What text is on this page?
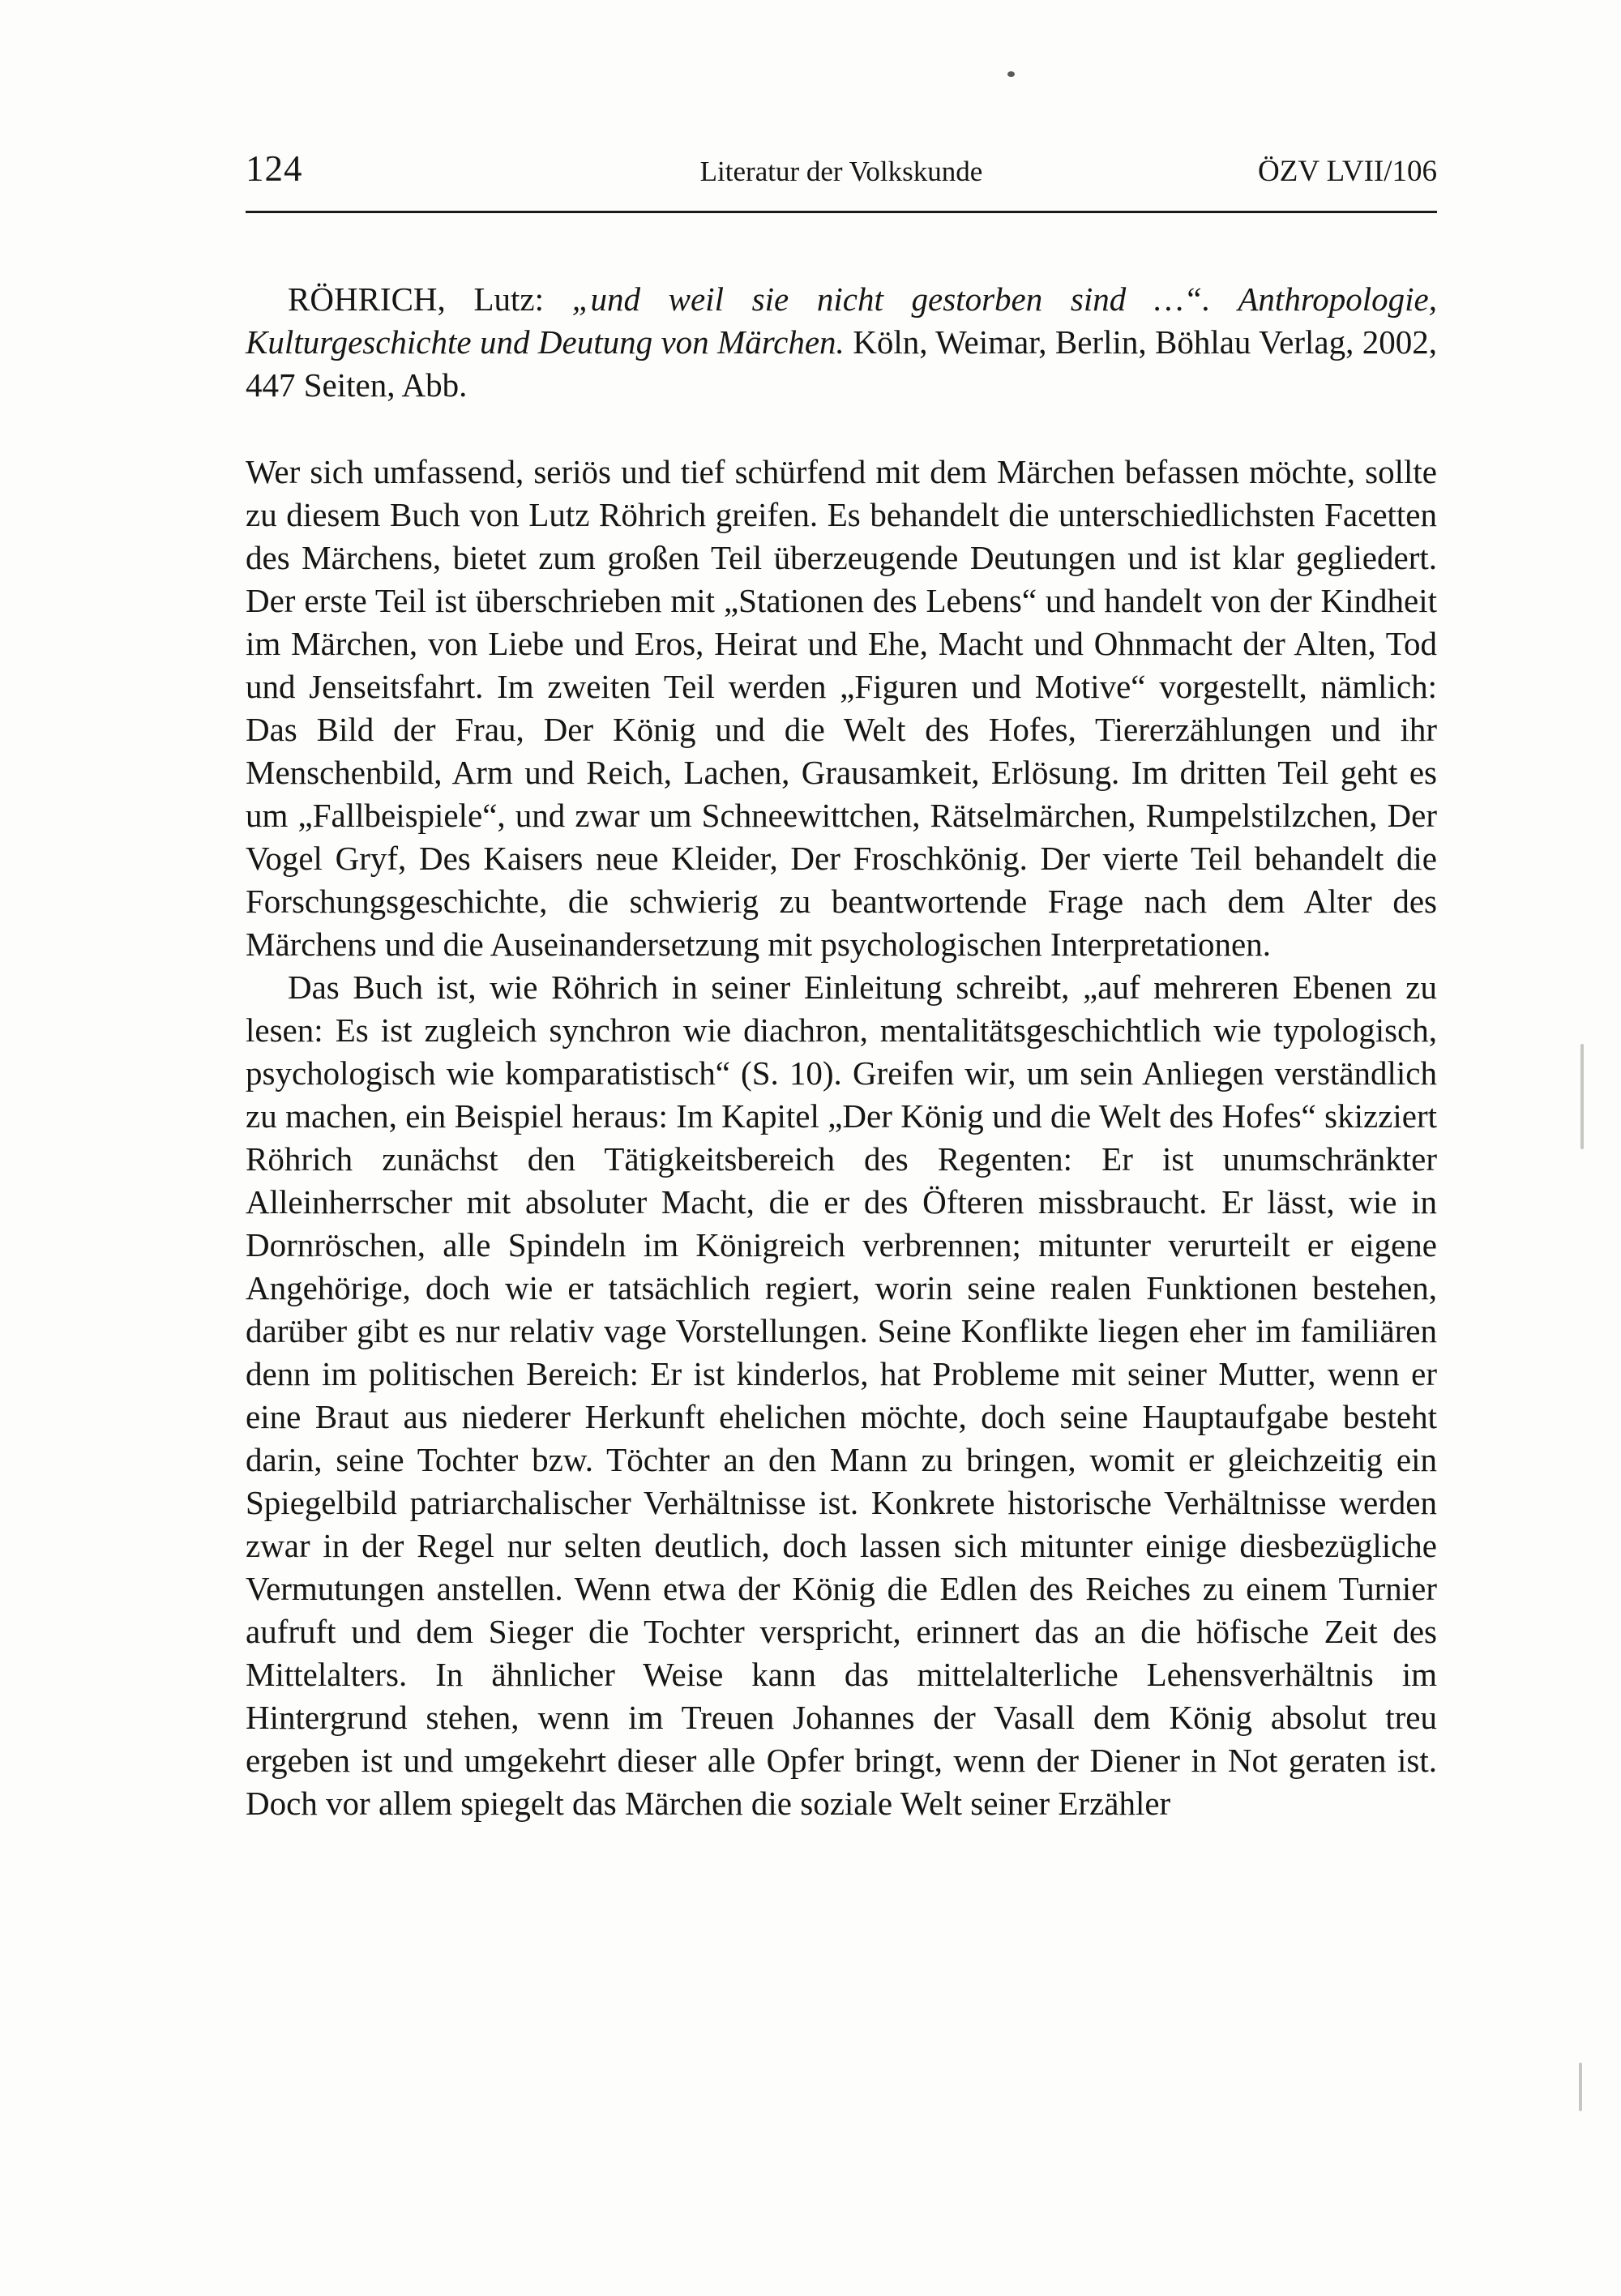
124	Literatur der Volkskunde	ÖZV LVII/106

RÖHRICH, Lutz: „und weil sie nicht gestorben sind …“. Anthropologie, Kulturgeschichte und Deutung von Märchen. Köln, Weimar, Berlin, Böhlau Verlag, 2002, 447 Seiten, Abb.

Wer sich umfassend, seriös und tief schürfend mit dem Märchen befassen möchte, sollte zu diesem Buch von Lutz Röhrich greifen. Es behandelt die unterschiedlichsten Facetten des Märchens, bietet zum großen Teil überzeugende Deutungen und ist klar gegliedert. Der erste Teil ist überschrieben mit „Stationen des Lebens“ und handelt von der Kindheit im Märchen, von Liebe und Eros, Heirat und Ehe, Macht und Ohnmacht der Alten, Tod und Jenseitsfahrt. Im zweiten Teil werden „Figuren und Motive“ vorgestellt, nämlich: Das Bild der Frau, Der König und die Welt des Hofes, Tiererzählungen und ihr Menschenbild, Arm und Reich, Lachen, Grausamkeit, Erlösung. Im dritten Teil geht es um „Fallbeispiele“, und zwar um Schneewittchen, Rätselmärchen, Rumpelstilzchen, Der Vogel Gryf, Des Kaisers neue Kleider, Der Froschkönig. Der vierte Teil behandelt die Forschungsgeschichte, die schwierig zu beantwortende Frage nach dem Alter des Märchens und die Auseinandersetzung mit psychologischen Interpretationen.

Das Buch ist, wie Röhrich in seiner Einleitung schreibt, „auf mehreren Ebenen zu lesen: Es ist zugleich synchron wie diachron, mentalitätsgeschichtlich wie typologisch, psychologisch wie komparatistisch“ (S. 10). Greifen wir, um sein Anliegen verständlich zu machen, ein Beispiel heraus: Im Kapitel „Der König und die Welt des Hofes“ skizziert Röhrich zunächst den Tätigkeitsbereich des Regenten: Er ist unumschränkter Alleinherrscher mit absoluter Macht, die er des Öfteren missbraucht. Er lässt, wie in Dornröschen, alle Spindeln im Königreich verbrennen; mitunter verurteilt er eigene Angehörige, doch wie er tatsächlich regiert, worin seine realen Funktionen bestehen, darüber gibt es nur relativ vage Vorstellungen. Seine Konflikte liegen eher im familiären denn im politischen Bereich: Er ist kinderlos, hat Probleme mit seiner Mutter, wenn er eine Braut aus niederer Herkunft ehelichen möchte, doch seine Hauptaufgabe besteht darin, seine Tochter bzw. Töchter an den Mann zu bringen, womit er gleichzeitig ein Spiegelbild patriarchalischer Verhältnisse ist. Konkrete historische Verhältnisse werden zwar in der Regel nur selten deutlich, doch lassen sich mitunter einige diesbezügliche Vermutungen anstellen. Wenn etwa der König die Edlen des Reiches zu einem Turnier aufruft und dem Sieger die Tochter verspricht, erinnert das an die höfische Zeit des Mittelalters. In ähnlicher Weise kann das mittelalterliche Lehensverhältnis im Hintergrund stehen, wenn im Treuen Johannes der Vasall dem König absolut treu ergeben ist und umgekehrt dieser alle Opfer bringt, wenn der Diener in Not geraten ist. Doch vor allem spiegelt das Märchen die soziale Welt seiner Erzähler
